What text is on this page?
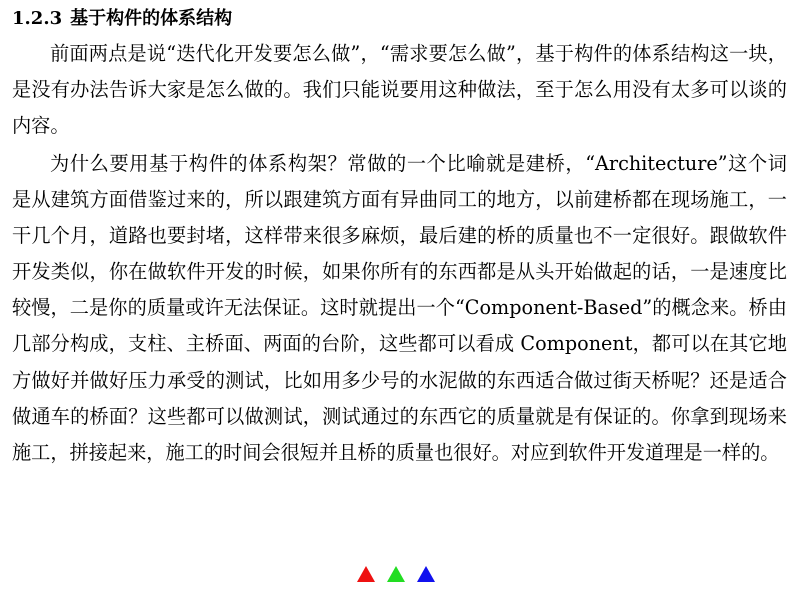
1.2.3 基于构件的体系结构

前面两点是说“迭代化开发要怎么做”，“需求要怎么做”，基于构件的体系结构这一块，是没有办法告诉大家是怎么做的。我们只能说要用这种做法，至于怎么用没有太多可以谈的内容。

为什么要用基于构件的体系构架？常做的一个比喻就是建桥，“Architecture”这个词是从建筑方面借鉴过来的，所以跟建筑方面有异曲同工的地方，以前建桥都在现场施工，一干几个月，道路也要封堵，这样带来很多麻烦，最后建的桥的质量也不一定很好。跟做软件开发类似，你在做软件开发的时候，如果你所有的东西都是从头开始做起的话，一是速度比较慢，二是你的质量或许无法保证。这时就提出一个“Component-Based”的概念来。桥由几部分构成，支柱、主桥面、两面的台阶，这些都可以看成 Component，都可以在其它地方做好并做好压力承受的测试，比如用多少号的水泥做的东西适合做过街天桥呢？还是适合做通车的桥面？这些都可以做测试，测试通过的东西它的质量就是有保证的。你拿到现场来施工，拼接起来，施工的时间会很短并且桥的质量也很好。对应到软件开发道理是一样的。
